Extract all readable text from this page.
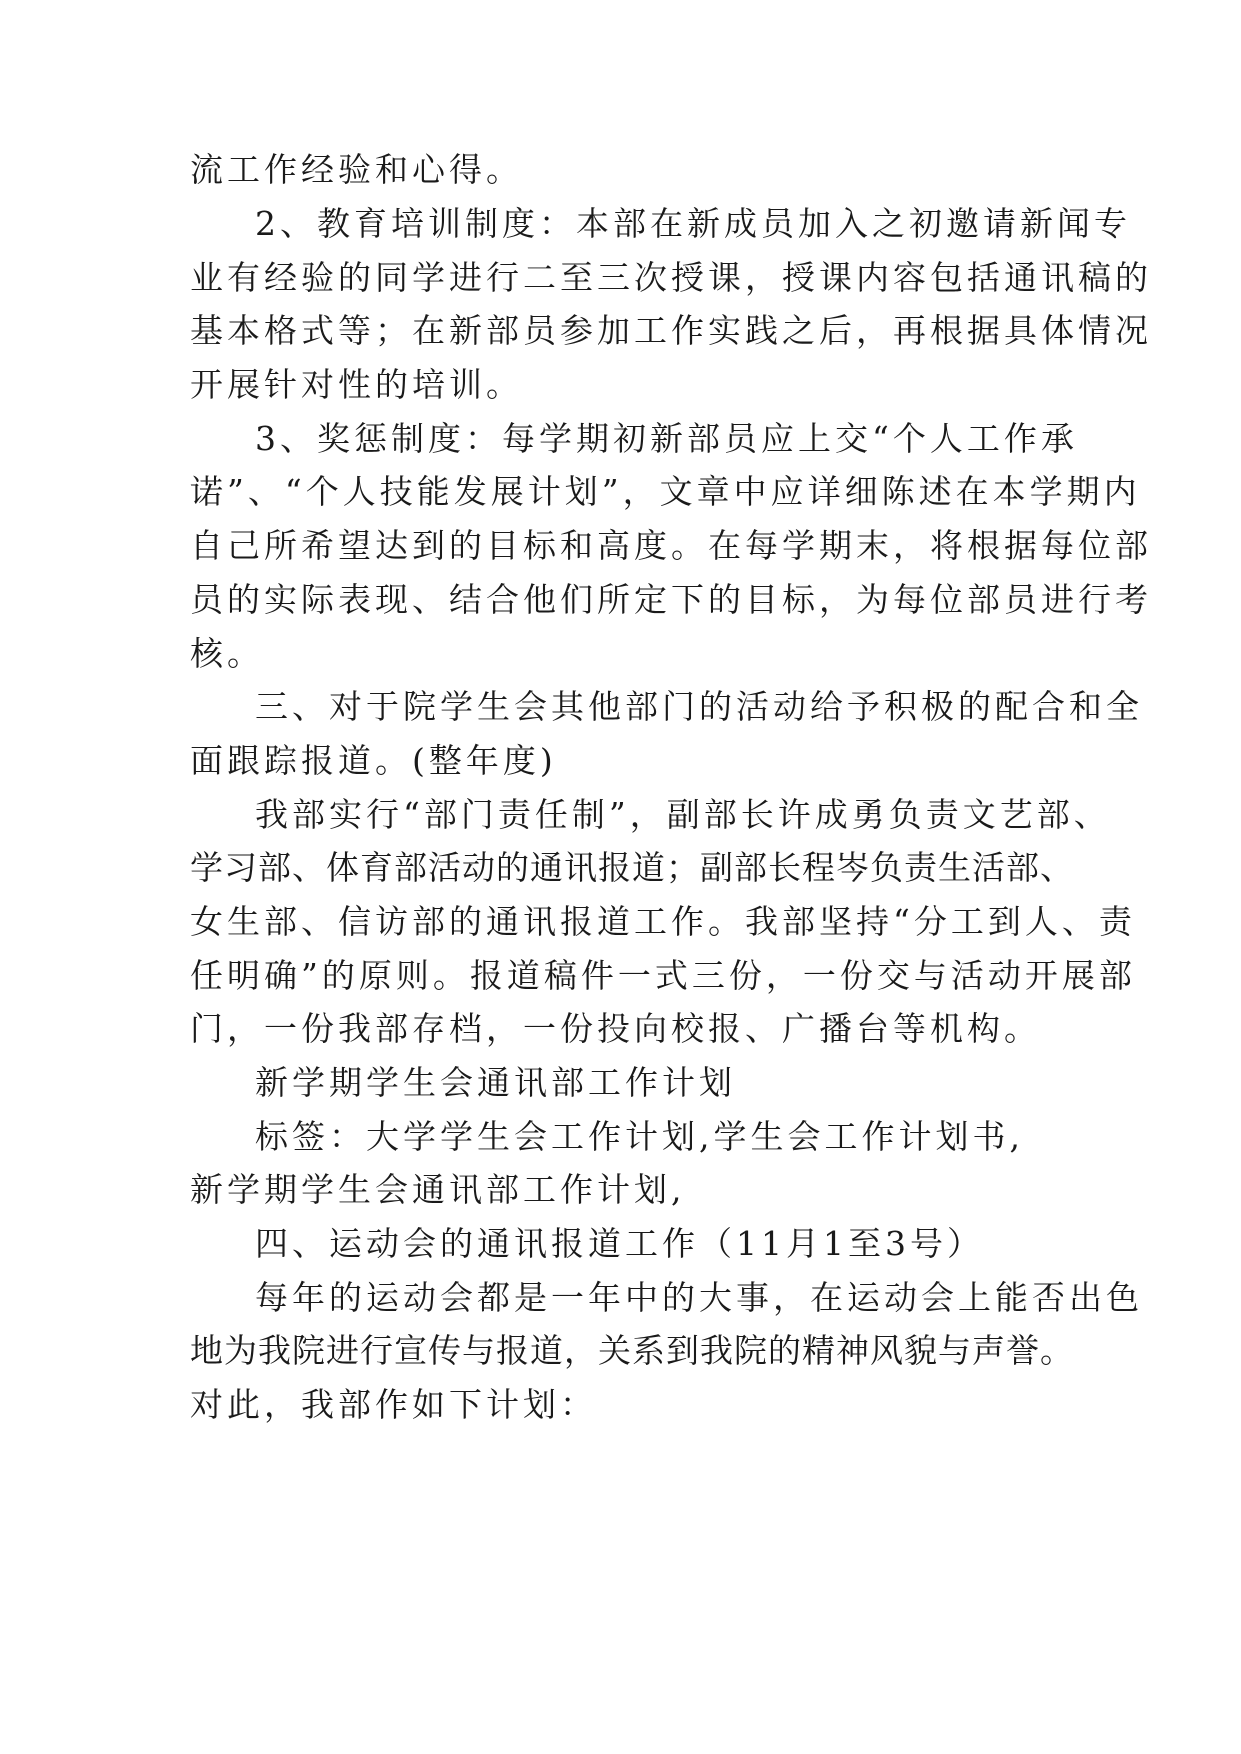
流工作经验和心得。
2、教育培训制度：本部在新成员加入之初邀请新闻专
业有经验的同学进行二至三次授课，授课内容包括通讯稿的
基本格式等；在新部员参加工作实践之后，再根据具体情况
开展针对性的培训。
3、奖惩制度：每学期初新部员应上交“个人工作承
诺”、“个人技能发展计划”，文章中应详细陈述在本学期内
自己所希望达到的目标和高度。在每学期末，将根据每位部
员的实际表现、结合他们所定下的目标，为每位部员进行考
核。
三、对于院学生会其他部门的活动给予积极的配合和全
面跟踪报道。(整年度)
我部实行“部门责任制”，副部长许成勇负责文艺部、
学习部、体育部活动的通讯报道；副部长程岑负责生活部、
女生部、信访部的通讯报道工作。我部坚持“分工到人、责
任明确”的原则。报道稿件一式三份，一份交与活动开展部
门，一份我部存档，一份投向校报、广播台等机构。
新学期学生会通讯部工作计划
标签：大学学生会工作计划,学生会工作计划书,
新学期学生会通讯部工作计划,
四、运动会的通讯报道工作（11月1至3号）
每年的运动会都是一年中的大事，在运动会上能否出色
地为我院进行宣传与报道，关系到我院的精神风貌与声誉。
对此，我部作如下计划：
